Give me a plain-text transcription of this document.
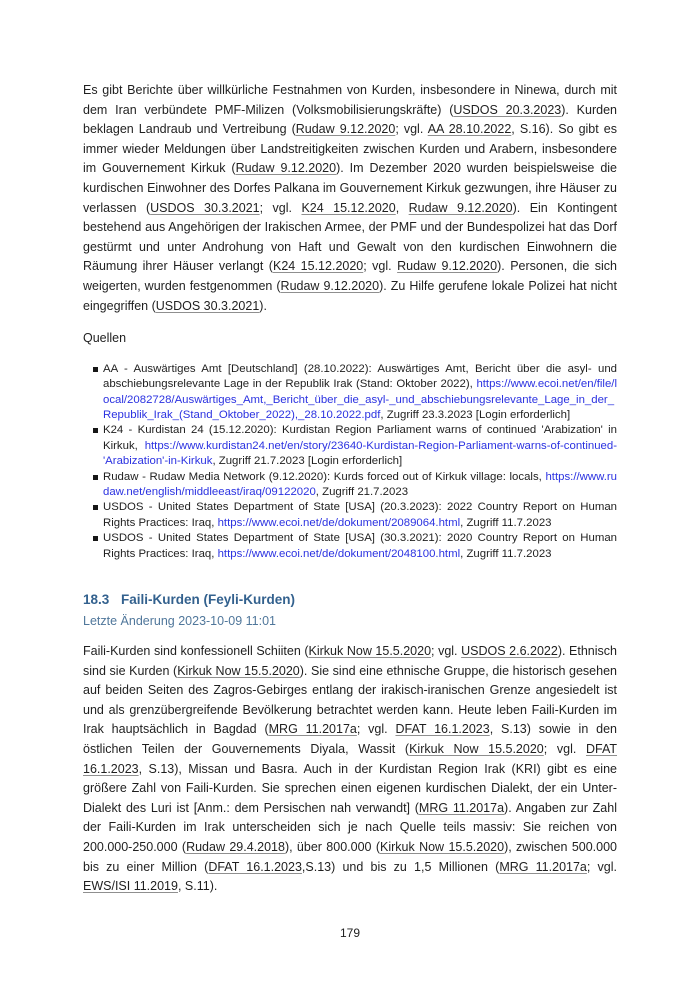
Es gibt Berichte über willkürliche Festnahmen von Kurden, insbesondere in Ninewa, durch mit dem Iran verbündete PMF-Milizen (Volksmobilisierungskräfte) (USDOS 20.3.2023). Kurden beklagen Landraub und Vertreibung (Rudaw 9.12.2020; vgl. AA 28.10.2022, S.16). So gibt es immer wieder Meldungen über Landstreitigkeiten zwischen Kurden und Arabern, insbesondere im Gouvernement Kirkuk (Rudaw 9.12.2020). Im Dezember 2020 wurden beispielsweise die kurdischen Einwohner des Dorfes Palkana im Gouvernement Kirkuk gezwungen, ihre Häuser zu verlassen (USDOS 30.3.2021; vgl. K24 15.12.2020, Rudaw 9.12.2020). Ein Kontingent bestehend aus Angehörigen der Irakischen Armee, der PMF und der Bundespolizei hat das Dorf gestürmt und unter Androhung von Haft und Gewalt von den kurdischen Einwohnern die Räumung ihrer Häuser verlangt (K24 15.12.2020; vgl. Rudaw 9.12.2020). Personen, die sich weigerten, wurden festgenommen (Rudaw 9.12.2020). Zu Hilfe gerufene lokale Polizei hat nicht eingegriffen (USDOS 30.3.2021).

Quellen

AA - Auswärtiges Amt [Deutschland] (28.10.2022): Auswärtiges Amt, Bericht über die asyl- und abschiebungsrelevante Lage in der Republik Irak (Stand: Oktober 2022), https://www.ecoi.net/en/file/local/2082728/Auswärtiges_Amt,_Bericht_über_die_asyl-_und_abschiebungsrelevante_Lage_in_der_Republik_Irak_(Stand_Oktober_2022),_28.10.2022.pdf, Zugriff 23.3.2023 [Login erforderlich]
K24 - Kurdistan 24 (15.12.2020): Kurdistan Region Parliament warns of continued 'Arabization' in Kirkuk, https://www.kurdistan24.net/en/story/23640-Kurdistan-Region-Parliament-warns-of-continued-'Arabization'-in-Kirkuk, Zugriff 21.7.2023 [Login erforderlich]
Rudaw - Rudaw Media Network (9.12.2020): Kurds forced out of Kirkuk village: locals, https://www.rudaw.net/english/middleeast/iraq/09122020, Zugriff 21.7.2023
USDOS - United States Department of State [USA] (20.3.2023): 2022 Country Report on Human Rights Practices: Iraq, https://www.ecoi.net/de/dokument/2089064.html, Zugriff 11.7.2023
USDOS - United States Department of State [USA] (30.3.2021): 2020 Country Report on Human Rights Practices: Iraq, https://www.ecoi.net/de/dokument/2048100.html, Zugriff 11.7.2023
18.3 Faili-Kurden (Feyli-Kurden)
Letzte Änderung 2023-10-09 11:01

Faili-Kurden sind konfessionell Schiiten (Kirkuk Now 15.5.2020; vgl. USDOS 2.6.2022). Ethnisch sind sie Kurden (Kirkuk Now 15.5.2020). Sie sind eine ethnische Gruppe, die historisch gesehen auf beiden Seiten des Zagros-Gebirges entlang der irakisch-iranischen Grenze angesiedelt ist und als grenzübergreifende Bevölkerung betrachtet werden kann. Heute leben Faili-Kurden im Irak hauptsächlich in Bagdad (MRG 11.2017a; vgl. DFAT 16.1.2023, S.13) sowie in den östlichen Teilen der Gouvernements Diyala, Wassit (Kirkuk Now 15.5.2020; vgl. DFAT 16.1.2023, S.13), Missan und Basra. Auch in der Kurdistan Region Irak (KRI) gibt es eine größere Zahl von Faili-Kurden. Sie sprechen einen eigenen kurdischen Dialekt, der ein Unter-Dialekt des Luri ist [Anm.: dem Persischen nah verwandt] (MRG 11.2017a). Angaben zur Zahl der Faili-Kurden im Irak unterscheiden sich je nach Quelle teils massiv: Sie reichen von 200.000-250.000 (Rudaw 29.4.2018), über 800.000 (Kirkuk Now 15.5.2020), zwischen 500.000 bis zu einer Million (DFAT 16.1.2023,S.13) und bis zu 1,5 Millionen (MRG 11.2017a; vgl. EWS/ISI 11.2019, S.11).

179
